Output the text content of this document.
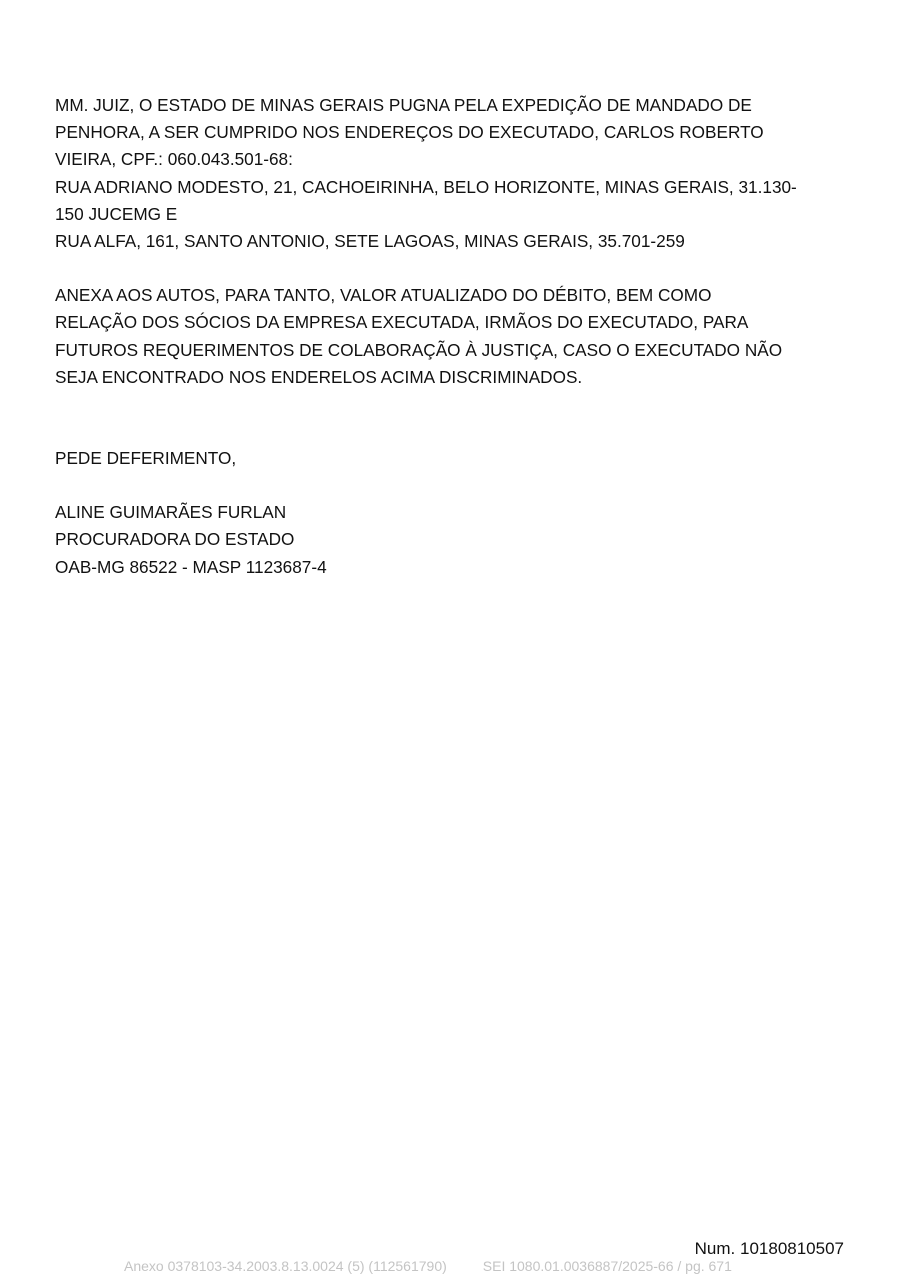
MM. JUIZ, O ESTADO DE MINAS GERAIS PUGNA PELA EXPEDIÇÃO DE MANDADO DE

PENHORA, A SER CUMPRIDO NOS ENDEREÇOS DO EXECUTADO, CARLOS ROBERTO

VIEIRA, CPF.: 060.043.501-68:

RUA ADRIANO MODESTO, 21, CACHOEIRINHA, BELO HORIZONTE, MINAS GERAIS, 31.130-

150 JUCEMG E

RUA ALFA, 161, SANTO ANTONIO, SETE LAGOAS, MINAS GERAIS, 35.701-259

ANEXA AOS AUTOS, PARA TANTO, VALOR ATUALIZADO DO DÉBITO, BEM COMO

RELAÇÃO DOS SÓCIOS DA EMPRESA EXECUTADA, IRMÃOS DO EXECUTADO, PARA

FUTUROS REQUERIMENTOS DE COLABORAÇÃO À JUSTIÇA, CASO O EXECUTADO NÃO

SEJA ENCONTRADO NOS ENDERELOS ACIMA DISCRIMINADOS.

PEDE DEFERIMENTO,

ALINE GUIMARÃES FURLAN

PROCURADORA DO ESTADO

OAB-MG 86522 - MASP 1123687-4

Num. 10180810507
Anexo 0378103-34.2003.8.13.0024 (5) (112561790)	SEI 1080.01.0036887/2025-66 / pg. 671
